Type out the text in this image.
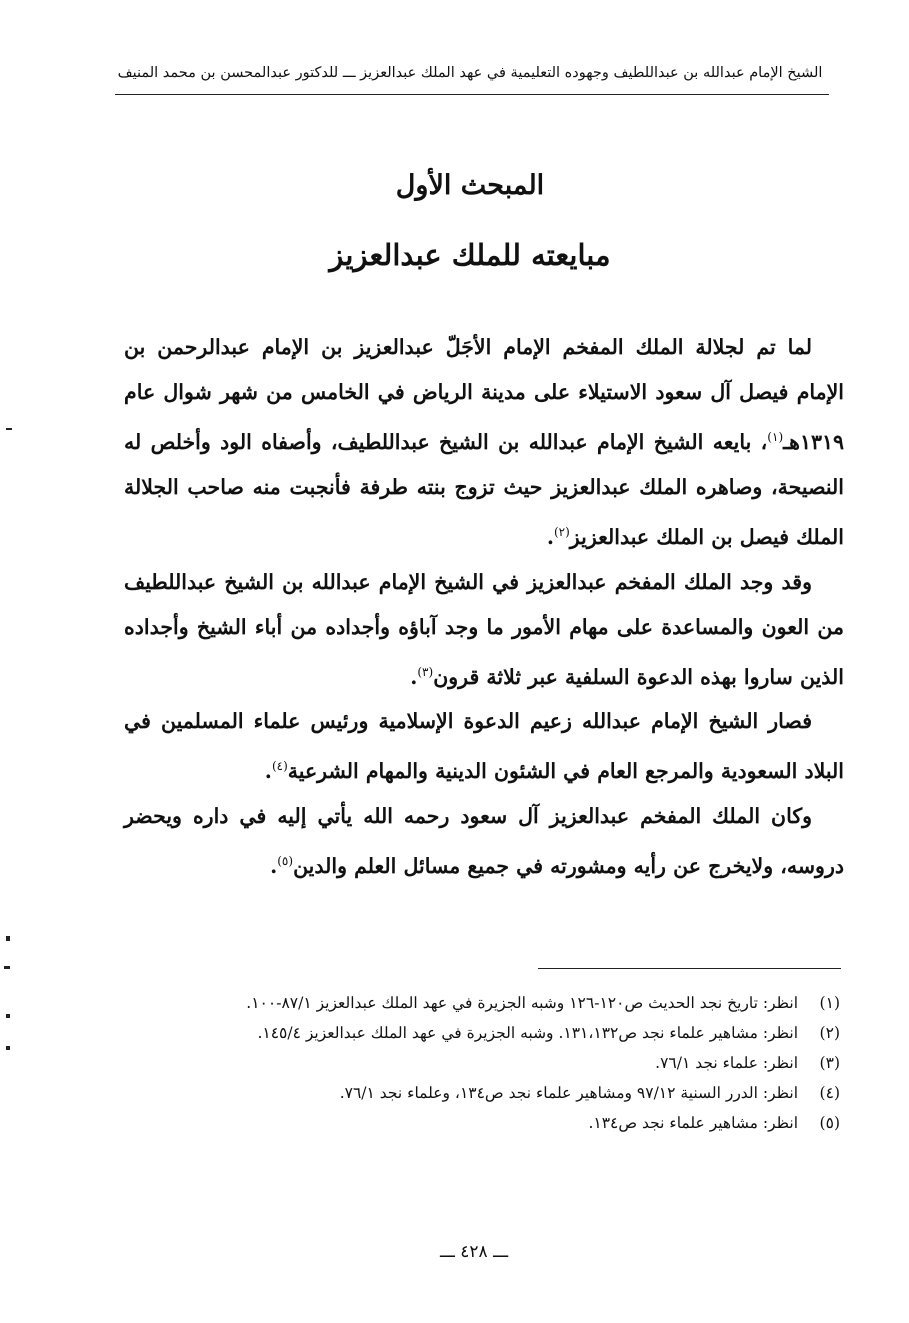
الشيخ الإمام عبدالله بن عبداللطيف وجهوده التعليمية في عهد الملك عبدالعزيز ـــ للدكتور عبدالمحسن بن محمد المنيف
المبحث الأول
مبايعته للملك عبدالعزيز

لما تم لجلالة الملك المفخم الإمام الأجَلّ عبدالعزيز بن الإمام عبدالرحمن بن الإمام فيصل آل سعود الاستيلاء على مدينة الرياض في الخامس من شهر شوال عام ١٣١٩هـ$^{(١)}$، بايعه الشيخ الإمام عبدالله بن الشيخ عبداللطيف، وأصفاه الود وأخلص له النصيحة، وصاهره الملك عبدالعزيز حيث تزوج بنته طرفة فأنجبت منه صاحب الجلالة الملك فيصل بن الملك عبدالعزيز$^{(٢)}$.

وقد وجد الملك المفخم عبدالعزيز في الشيخ الإمام عبدالله بن الشيخ عبداللطيف من العون والمساعدة على مهام الأمور ما وجد آباؤه وأجداده من أباء الشيخ وأجداده الذين ساروا بهذه الدعوة السلفية عبر ثلاثة قرون$^{(٣)}$.

فصار الشيخ الإمام عبدالله زعيم الدعوة الإسلامية ورئيس علماء المسلمين في البلاد السعودية والمرجع العام في الشئون الدينية والمهام الشرعية$^{(٤)}$.

وكان الملك المفخم عبدالعزيز آل سعود رحمه الله يأتي إليه في داره ويحضر دروسه، ولايخرج عن رأيه ومشورته في جميع مسائل العلم والدين$^{(٥)}$.

(١)
انظر: تاريخ نجد الحديث ص١٢٠-١٢٦ وشبه الجزيرة في عهد الملك عبدالعزيز ٨٧/١-١٠٠.
(٢)
انظر: مشاهير علماء نجد ص١٣١،١٣٢. وشبه الجزيرة في عهد الملك عبدالعزيز ١٤٥/٤.
(٣)
انظر: علماء نجد ٧٦/١.
(٤)
انظر: الدرر السنية ٩٧/١٢ ومشاهير علماء نجد ص١٣٤، وعلماء نجد ٧٦/١.
(٥)
انظر: مشاهير علماء نجد ص١٣٤.
ـــ ٤٢٨ ـــ
